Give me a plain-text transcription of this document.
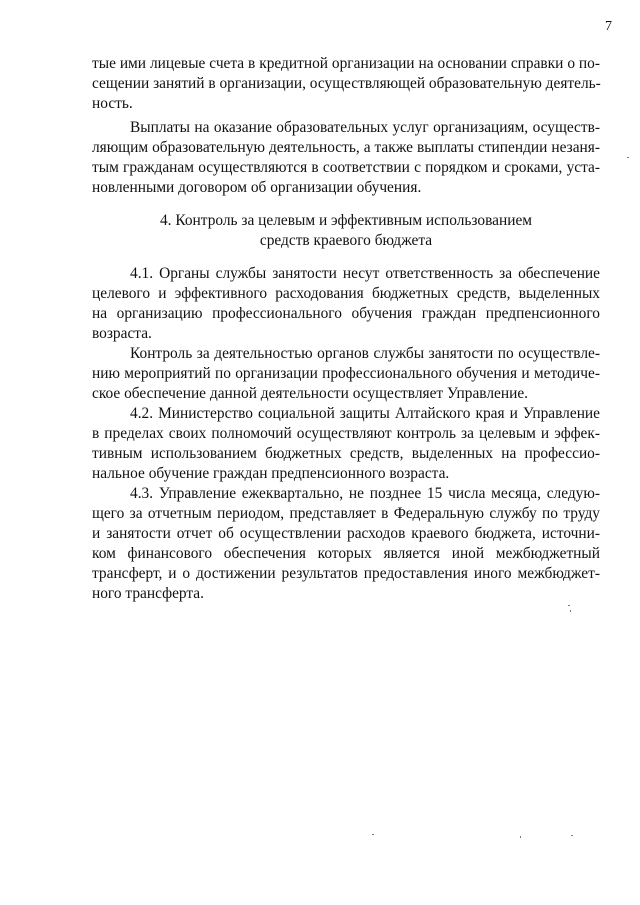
7
тые ими лицевые счета в кредитной организации на основании справки о по-
сещении занятий в организации, осуществляющей образовательную деятель-
ность.
Выплаты на оказание образовательных услуг организациям, осуществ-
ляющим образовательную деятельность, а также выплаты стипендии незаня-
тым гражданам осуществляются в соответствии с порядком и сроками, уста-
новленными договором об организации обучения.
4. Контроль за целевым и эффективным использованием
средств краевого бюджета
4.1. Органы службы занятости несут ответственность за обеспечение
целевого и эффективного расходования бюджетных средств, выделенных
на организацию профессионального обучения граждан предпенсионного
возраста.
Контроль за деятельностью органов службы занятости по осуществле-
нию мероприятий по организации профессионального обучения и методиче-
ское обеспечение данной деятельности осуществляет Управление.
4.2. Министерство социальной защиты Алтайского края и Управление
в пределах своих полномочий осуществляют контроль за целевым и эффек-
тивным использованием бюджетных средств, выделенных на профессио-
нальное обучение граждан предпенсионного возраста.
4.3. Управление ежеквартально, не позднее 15 числа месяца, следую-
щего за отчетным периодом, представляет в Федеральную службу по труду
и занятости отчет об осуществлении расходов краевого бюджета, источни-
ком финансового обеспечения которых является иной межбюджетный
трансферт, и о достижении результатов предоставления иного межбюджет-
ного трансферта.
